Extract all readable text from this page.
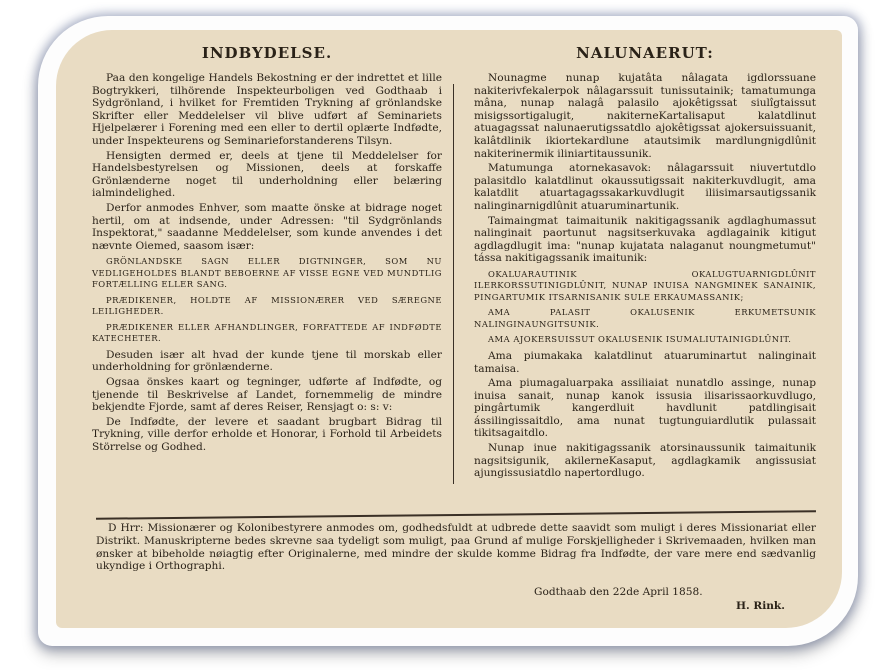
INDBYDELSE.

Paa den kongelige Handels Bekostning er der indrettet et lille Bogtrykkeri, tilhörende Inspekteurboligen ved Godthaab i Sydgrönland, i hvilket for Fremtiden Trykning af grönlandske Skrifter eller Meddelelser vil blive udført af Seminariets Hjelpelærer i Forening med een eller to dertil oplærte Indfødte, under Inspekteurens og Seminarieforstanderens Tilsyn.

Hensigten dermed er, deels at tjene til Meddelelser for Handelsbestyrelsen og Missionen, deels at forskaffe Grönlænderne noget til underholdning eller belæring ialmindelighed.

Derfor anmodes Enhver, som maatte önske at bidrage noget hertil, om at indsende, under Adressen: "til Sydgrönlands Inspektorat," saadanne Meddelelser, som kunde anvendes i det nævnte Oiemed, saasom især:

GRÖNLANDSKE SAGN ELLER DIGTNINGER, SOM NU VEDLIGEHOLDES BLANDT BEBOERNE AF VISSE EGNE VED MUNDTLIG FORTÆLLING ELLER SANG.

PRÆDIKENER, HOLDTE AF MISSIONÆRER VED SÆREGNE LEILIGHEDER.

PRÆDIKENER ELLER AFHANDLINGER, FORFATTEDE AF INDFØDTE KATECHETER.

Desuden især alt hvad der kunde tjene til morskab eller underholdning for grönlænderne.

Ogsaa önskes kaart og tegninger, udførte af Indfødte, og tjenende til Beskrivelse af Landet, fornemmelig de mindre bekjendte Fjorde, samt af deres Reiser, Rensjagt o: s: v:

De Indfødte, der levere et saadant brugbart Bidrag til Trykning, ville derfor erholde et Honorar, i Forhold til Arbeidets Störrelse og Godhed.

NALUNAERUT:

Nounagme nunap kujatâta nâlagata igdlorssuane nakiterivfekalerpok nâlagarssuit tunissutainik; tamatumunga mâna, nunap nalagâ palasilo ajokêtigssat siulîgtaissut misigssortigalugit, nakiterneKartalisaput kalatdlinut atuagagssat nalunaerutigssatdlo ajokêtigssat ajokersuissuanit, kalâtdlinik ikiortekardlune atautsimik mardlungnigdlûnit nakiterinermik iliniartitaussunik.

Matumunga atornekasavok: nâlagarssuit niuvertutdlo palasitdlo kalatdlinut okaussutigssait nakiterkuvdlugit, ama kalatdlit atuartagagssakarkuvdlugit iliisimarsautigssanik nalinginarnigdlûnit atuaruminartunik.

Taimaingmat taimaitunik nakitigagssanik agdlaghumassut nalinginait paortunut nagsitserkuvaka agdlagainik kitigut agdlagdlugit ima: "nunap kujatata nalaganut noungmetumut" tássa nakitigagssanik imaitunik:

OKALUARAUTINIK OKALUGTUARNIGDLÛNIT ILERKORSSUTINIGDLÛNIT, NUNAP INUISA NANGMINEK SANAINIK, PINGARTUMIK ITSARNISANIK SULE ERKAUMASSANIK;

AMA PALASIT OKALUSENIK ERKUMETSUNIK NALINGINAUNGITSUNIK.

AMA AJOKERSUISSUT OKALUSENIK ISUMALIUTAINIGDLÛNIT.

Ama piumakaka kalatdlinut atuaruminartut nalinginait tamaisa.

Ama piumagaluarpaka assiliaiat nunatdlo assinge, nunap inuisa sanait, nunap kanok issusia ilisarissaorkuvdlugo, pingârtumik kangerdluit havdlunit patdlingisait ássilingissaitdlo, ama nunat tugtunguiardlutik pulassait tikitsagaitdlo.

Nunap inue nakitigagssanik atorsinaussunik taimaitunik nagsitsigunik, akilerneKasaput, agdlagkamik angissusiat ajungissusiatdlo napertordlugo.

D Hrr: Missionærer og Kolonibestyrere anmodes om, godhedsfuldt at udbrede dette saavidt som muligt i deres Missionariat eller Distrikt. Manuskripterne bedes skrevne saa tydeligt som muligt, paa Grund af mulige Forskjelligheder i Skrivemaaden, hvilken man ønsker at bibeholde nøiagtig efter Originalerne, med mindre der skulde komme Bidrag fra Indfødte, der vare mere end sædvanlig ukyndige i Orthographi.

Godthaab den 22de April 1858.
H. Rink.
